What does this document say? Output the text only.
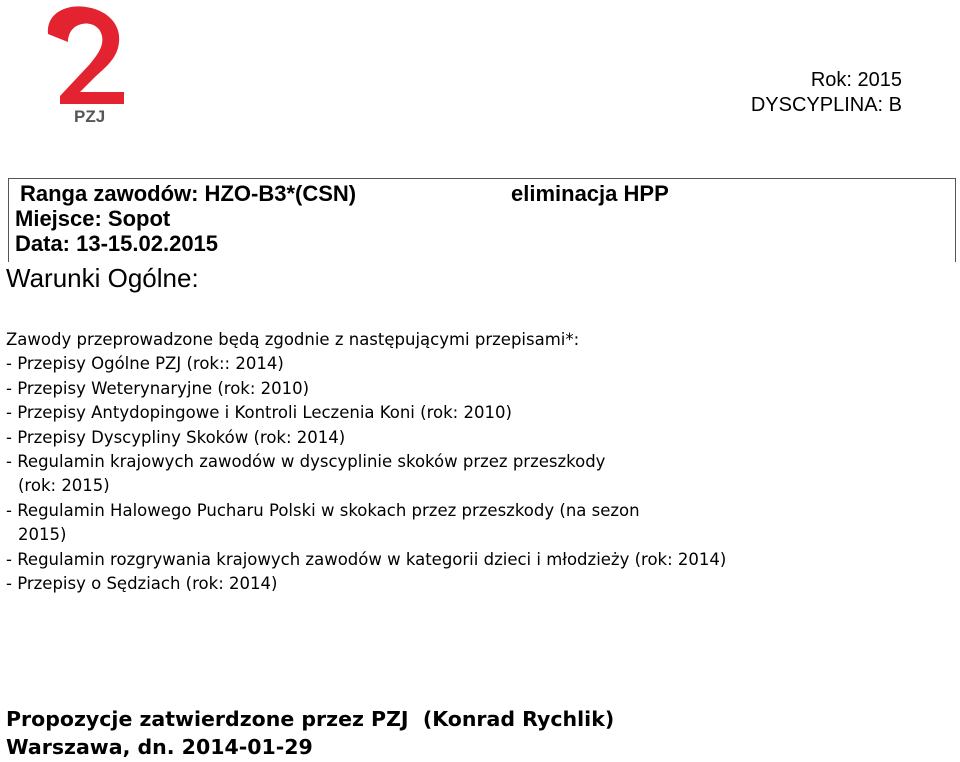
PZJ
Rok: 2015
DYSCYPLINA: B
Ranga zawodów: HZO-B3*(CSN)	eliminacja HPP
Miejsce: Sopot
Data: 13-15.02.2015
Warunki Ogólne:
Zawody przeprowadzone będą zgodnie z następującymi przepisami*:
- Przepisy Ogólne PZJ (rok:: 2014)
- Przepisy Weterynaryjne (rok: 2010)
- Przepisy Antydopingowe i Kontroli Leczenia Koni (rok: 2010)
- Przepisy Dyscypliny Skoków (rok: 2014)
- Regulamin krajowych zawodów w dyscyplinie skoków przez przeszkody
(rok: 2015)
- Regulamin Halowego Pucharu Polski w skokach przez przeszkody (na sezon
2015)
- Regulamin rozgrywania krajowych zawodów w kategorii dzieci i młodzieży (rok: 2014)
- Przepisy o Sędziach (rok: 2014)
Propozycje zatwierdzone przez PZJ  (Konrad Rychlik)
Warszawa, dn. 2014-01-29
